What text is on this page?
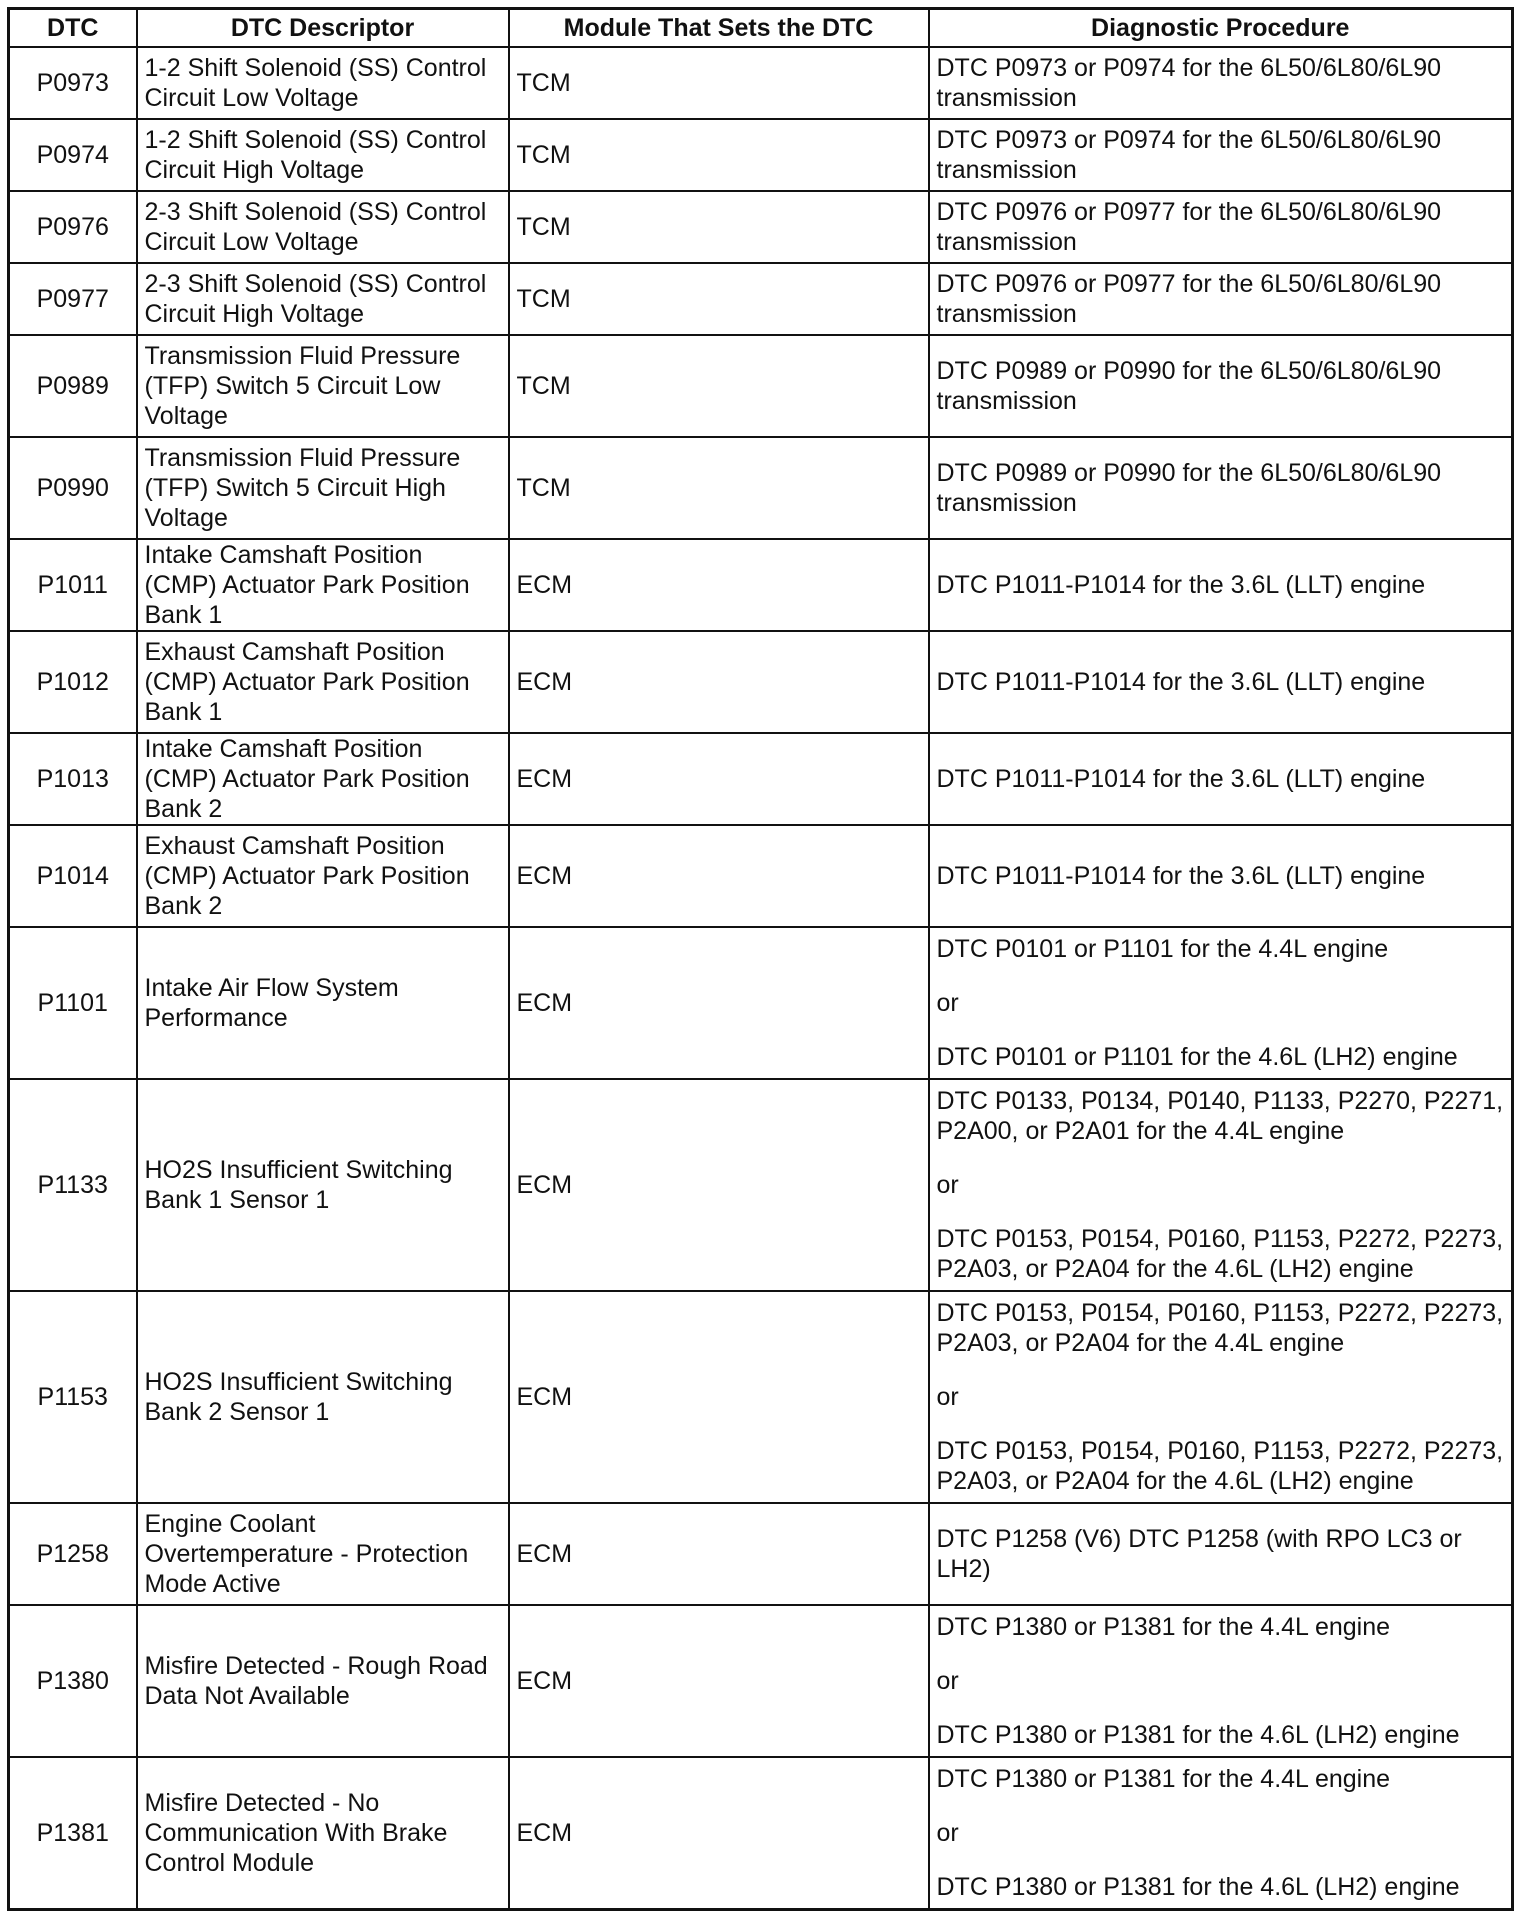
DTC	DTC Descriptor	Module That Sets the DTC	Diagnostic Procedure
P0973	1-2 Shift Solenoid (SS) Control Circuit Low Voltage	TCM	DTC P0973 or P0974 for the 6L50/6L80/6L90 transmission

P0974	1-2 Shift Solenoid (SS) Control Circuit High Voltage	TCM	DTC P0973 or P0974 for the 6L50/6L80/6L90 transmission

P0976	2-3 Shift Solenoid (SS) Control Circuit Low Voltage	TCM	DTC P0976 or P0977 for the 6L50/6L80/6L90 transmission

P0977	2-3 Shift Solenoid (SS) Control Circuit High Voltage	TCM	DTC P0976 or P0977 for the 6L50/6L80/6L90 transmission

P0989	Transmission Fluid Pressure (TFP) Switch 5 Circuit Low Voltage	TCM	DTC P0989 or P0990 for the 6L50/6L80/6L90 transmission

P0990	Transmission Fluid Pressure (TFP) Switch 5 Circuit High Voltage	TCM	DTC P0989 or P0990 for the 6L50/6L80/6L90 transmission

P1011	Intake Camshaft Position (CMP) Actuator Park Position Bank 1	ECM	DTC P1011-P1014 for the 3.6L (LLT) engine

P1012	Exhaust Camshaft Position (CMP) Actuator Park Position Bank 1	ECM	DTC P1011-P1014 for the 3.6L (LLT) engine

P1013	Intake Camshaft Position (CMP) Actuator Park Position Bank 2	ECM	DTC P1011-P1014 for the 3.6L (LLT) engine

P1014	Exhaust Camshaft Position (CMP) Actuator Park Position Bank 2	ECM	DTC P1011-P1014 for the 3.6L (LLT) engine

P1101	Intake Air Flow System Performance	ECM	DTC P0101 or P1101 for the 4.4L engine
or
DTC P0101 or P1101 for the 4.6L (LH2) engine

P1133	HO2S Insufficient Switching Bank 1 Sensor 1	ECM	DTC P0133, P0134, P0140, P1133, P2270, P2271, P2A00, or P2A01 for the 4.4L engine
or
DTC P0153, P0154, P0160, P1153, P2272, P2273, P2A03, or P2A04 for the 4.6L (LH2) engine

P1153	HO2S Insufficient Switching Bank 2 Sensor 1	ECM	DTC P0153, P0154, P0160, P1153, P2272, P2273, P2A03, or P2A04 for the 4.4L engine
or
DTC P0153, P0154, P0160, P1153, P2272, P2273, P2A03, or P2A04 for the 4.6L (LH2) engine

P1258	Engine Coolant Overtemperature - Protection Mode Active	ECM	DTC P1258 (V6) DTC P1258 (with RPO LC3 or LH2)

P1380	Misfire Detected - Rough Road Data Not Available	ECM	DTC P1380 or P1381 for the 4.4L engine
or
DTC P1380 or P1381 for the 4.6L (LH2) engine

P1381	Misfire Detected - No Communication With Brake Control Module	ECM	DTC P1380 or P1381 for the 4.4L engine
or
DTC P1380 or P1381 for the 4.6L (LH2) engine
